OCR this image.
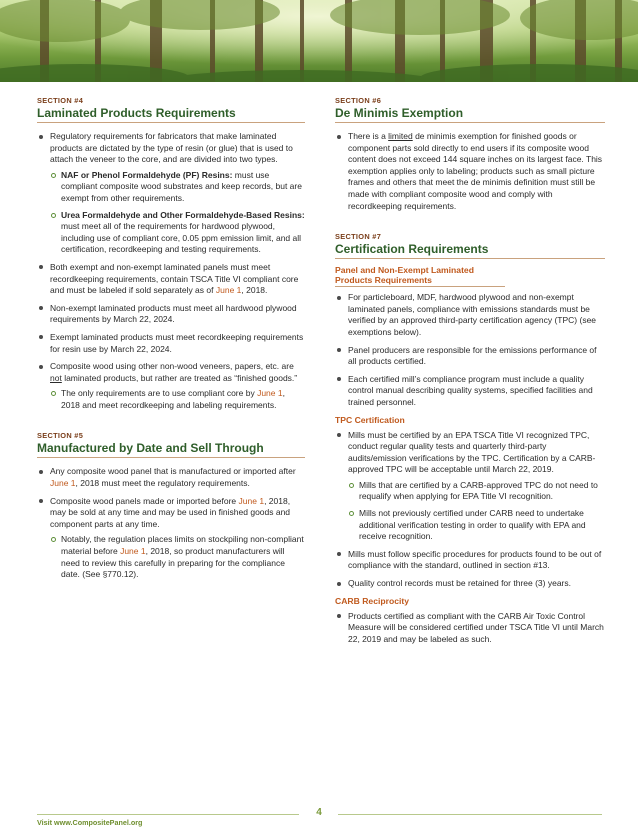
SECTION #4
Laminated Products Requirements
Regulatory requirements for fabricators that make laminated products are dictated by the type of resin (or glue) that is used to attach the veneer to the core, and are divided into two types.
NAF or Phenol Formaldehyde (PF) Resins: must use compliant composite wood substrates and keep records, but are exempt from other requirements.
Urea Formaldehyde and Other Formaldehyde-Based Resins: must meet all of the requirements for hardwood plywood, including use of compliant core, 0.05 ppm emission limit, and all certification, recordkeeping and testing requirements.
Both exempt and non-exempt laminated panels must meet recordkeeping requirements, contain TSCA Title VI compliant core and must be labeled if sold separately as of June 1, 2018.
Non-exempt laminated products must meet all hardwood plywood requirements by March 22, 2024.
Exempt laminated products must meet recordkeeping requirements for resin use by March 22, 2024.
Composite wood using other non-wood veneers, papers, etc. are not laminated products, but rather are treated as “finished goods.”
The only requirements are to use compliant core by June 1, 2018 and meet recordkeeping and labeling requirements.
SECTION #5
Manufactured by Date and Sell Through
Any composite wood panel that is manufactured or imported after June 1, 2018 must meet the regulatory requirements.
Composite wood panels made or imported before June 1, 2018, may be sold at any time and may be used in finished goods and component parts at any time.
Notably, the regulation places limits on stockpiling non-compliant material before June 1, 2018, so product manufacturers will need to review this carefully in preparing for the compliance date. (See §770.12).
SECTION #6
De Minimis Exemption
There is a limited de minimis exemption for finished goods or component parts sold directly to end users if its composite wood content does not exceed 144 square inches on its largest face. This exemption applies only to labeling; products such as small picture frames and others that meet the de minimis definition must still be made with compliant composite wood and comply with recordkeeping requirements.
SECTION #7
Certification Requirements
Panel and Non-Exempt Laminated Products Requirements
For particleboard, MDF, hardwood plywood and non-exempt laminated panels, compliance with emissions standards must be verified by an approved third-party certification agency (TPC) (see exemptions below).
Panel producers are responsible for the emissions performance of all products certified.
Each certified mill’s compliance program must include a quality control manual describing quality systems, specified facilities and trained personnel.
TPC Certification
Mills must be certified by an EPA TSCA Title VI recognized TPC, conduct regular quality tests and quarterly third-party audits/emission verifications by the TPC. Certification by a CARB-approved TPC will be acceptable until March 22, 2019.
Mills that are certified by a CARB-approved TPC do not need to requalify when applying for EPA Title VI recognition.
Mills not previously certified under CARB need to undertake additional verification testing in order to qualify with EPA and receive recognition.
Mills must follow specific procedures for products found to be out of compliance with the standard, outlined in section #13.
Quality control records must be retained for three (3) years.
CARB Reciprocity
Products certified as compliant with the CARB Air Toxic Control Measure will be considered certified under TSCA Title VI until March 22, 2019 and may be labeled as such.
4
Visit www.CompositePanel.org
